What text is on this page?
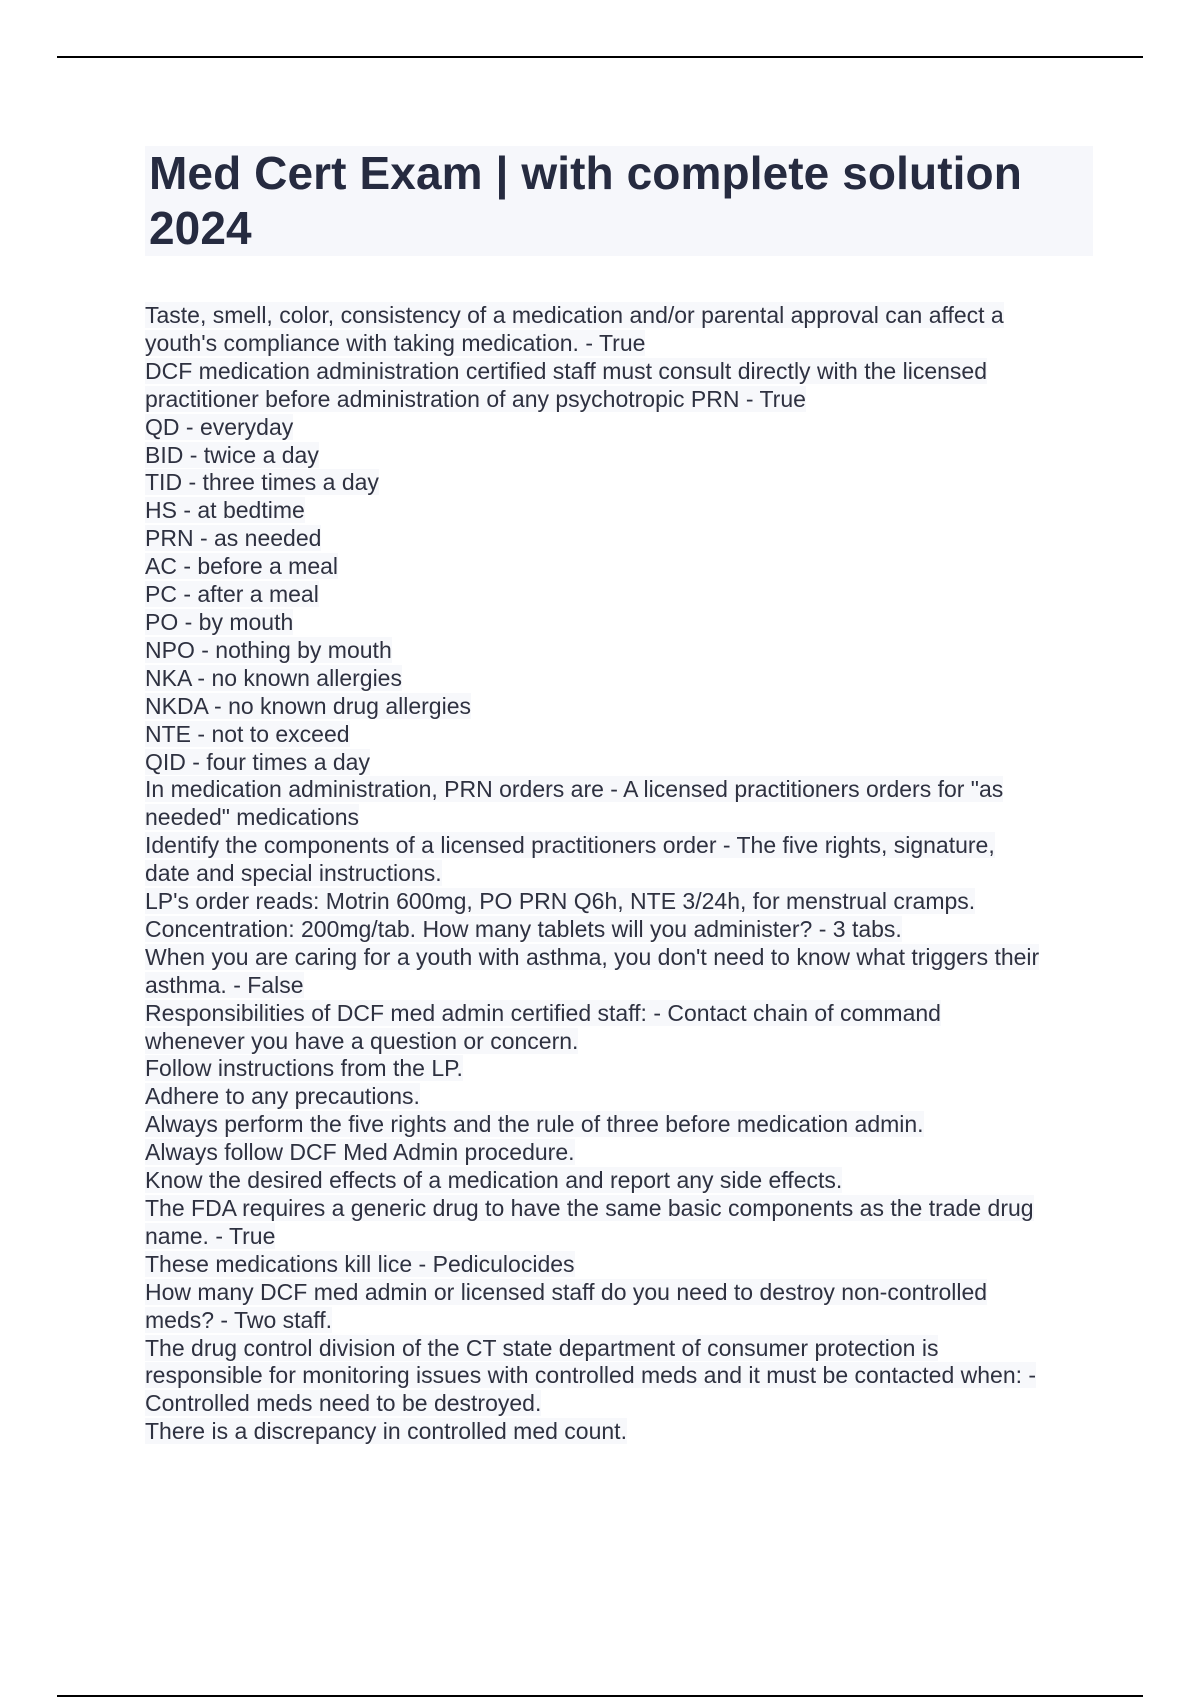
Med Cert Exam | with complete solution
2024
Taste, smell, color, consistency of a medication and/or parental approval can affect a
youth's compliance with taking medication. - True
DCF medication administration certified staff must consult directly with the licensed
practitioner before administration of any psychotropic PRN - True
QD - everyday
BID - twice a day
TID - three times a day
HS - at bedtime
PRN - as needed
AC - before a meal
PC - after a meal
PO - by mouth
NPO - nothing by mouth
NKA - no known allergies
NKDA - no known drug allergies
NTE - not to exceed
QID - four times a day
In medication administration, PRN orders are - A licensed practitioners orders for "as
needed" medications
Identify the components of a licensed practitioners order - The five rights, signature,
date and special instructions.
LP's order reads: Motrin 600mg, PO PRN Q6h, NTE 3/24h, for menstrual cramps.
Concentration: 200mg/tab. How many tablets will you administer? - 3 tabs.
When you are caring for a youth with asthma, you don't need to know what triggers their
asthma. - False
Responsibilities of DCF med admin certified staff: - Contact chain of command
whenever you have a question or concern.
Follow instructions from the LP.
Adhere to any precautions.
Always perform the five rights and the rule of three before medication admin.
Always follow DCF Med Admin procedure.
Know the desired effects of a medication and report any side effects.
The FDA requires a generic drug to have the same basic components as the trade drug
name. - True
These medications kill lice - Pediculocides
How many DCF med admin or licensed staff do you need to destroy non-controlled
meds? - Two staff.
The drug control division of the CT state department of consumer protection is
responsible for monitoring issues with controlled meds and it must be contacted when: -
Controlled meds need to be destroyed.
There is a discrepancy in controlled med count.
